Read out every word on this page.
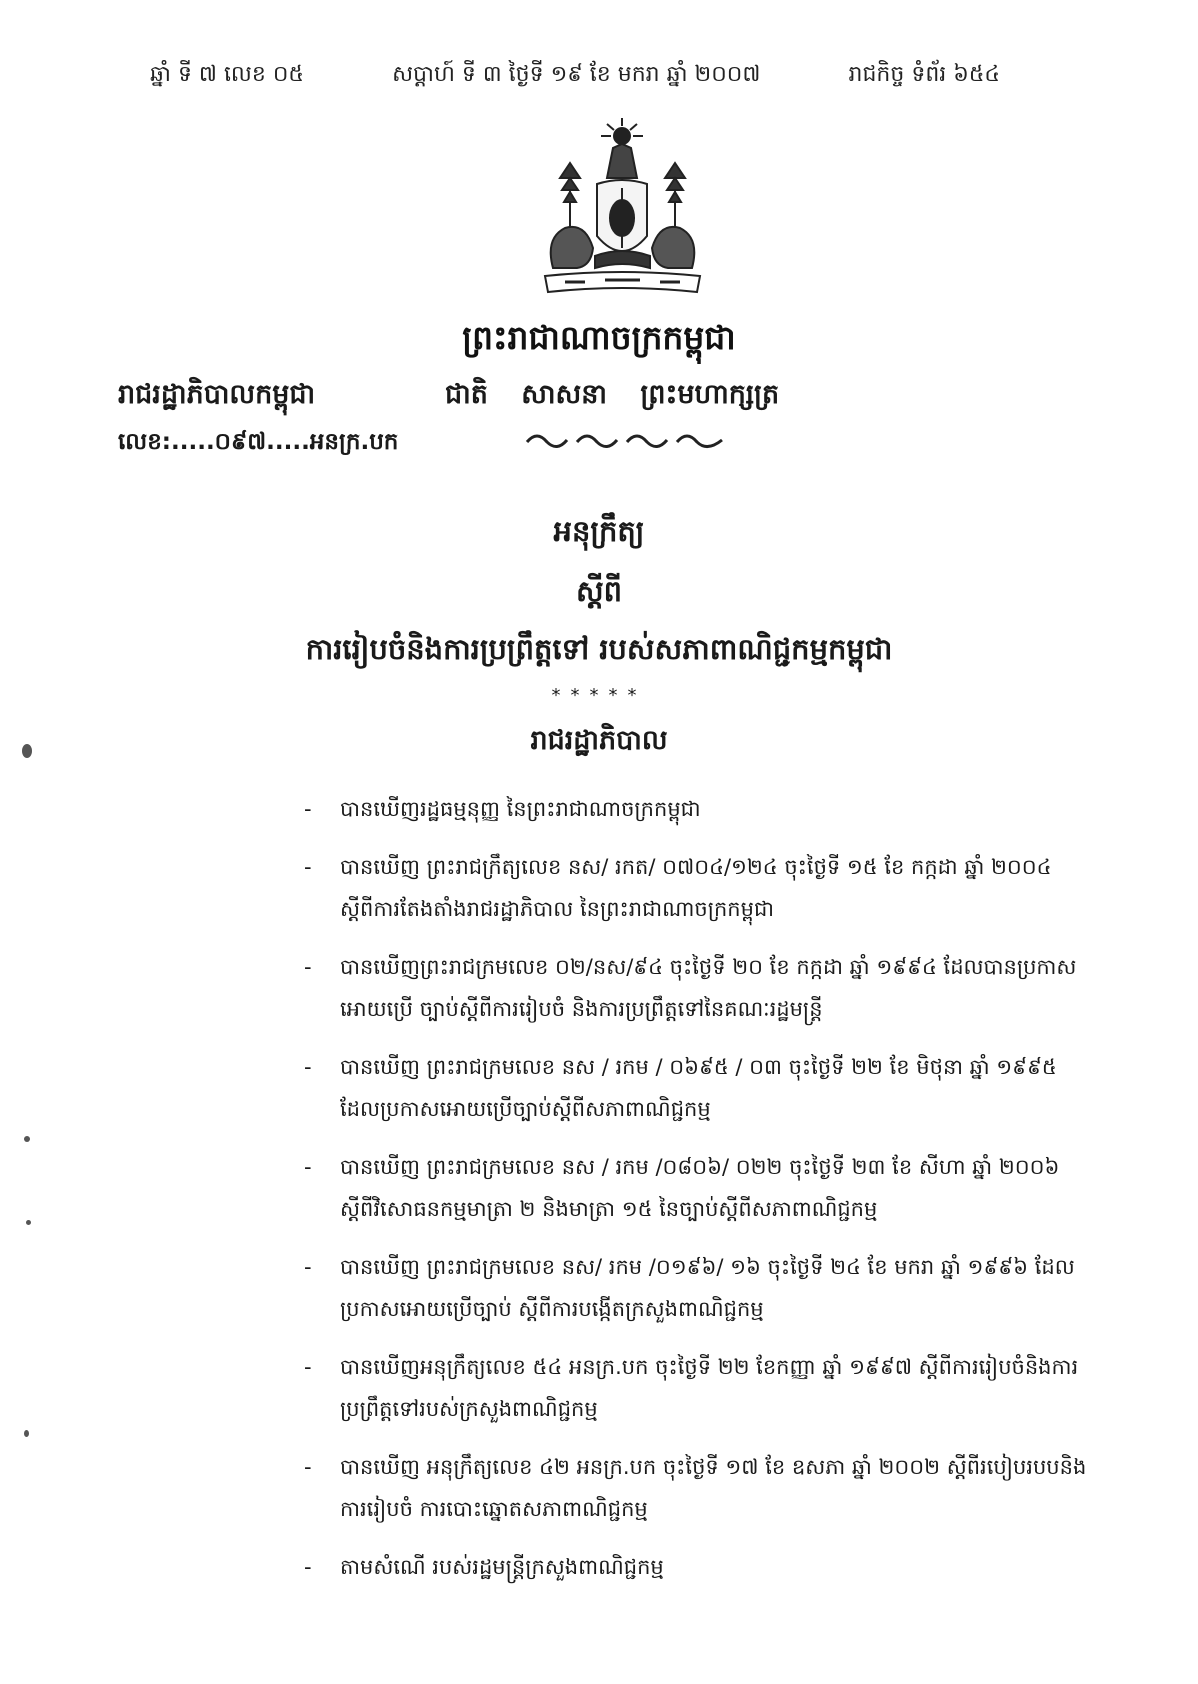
ឆ្នាំ ទី ៧ លេខ ០៥	សប្តាហ៍ ទី ៣ ថ្ងៃទី ១៩ ខែ មករា ឆ្នាំ ២០០៧	រាជកិច្ច ទំព័រ ៦៥៤
ព្រះរាជាណាចក្រកម្ពុជា
រាជរដ្ឋាភិបាលកម្ពុជា	ជាតិ សាសនា ព្រះមហាក្សត្រ
លេខ:.....០៩៧.....អនក្រ.បក
អនុក្រឹត្យ
ស្តីពី
ការរៀបចំនិងការប្រព្រឹត្តទៅ របស់សភាពាណិជ្ជកម្មកម្ពុជា
*****
រាជរដ្ឋាភិបាល
- បានឃើញរដ្ឋធម្មនុញ្ញ នៃព្រះរាជាណាចក្រកម្ពុជា
- បានឃើញ ព្រះរាជក្រឹត្យលេខ នស/ រកត/ ០៧០៤/១២៤ ចុះថ្ងៃទី ១៥ ខែ កក្កដា ឆ្នាំ ២០០៤ ស្តីពីការតែងតាំងរាជរដ្ឋាភិបាល នៃព្រះរាជាណាចក្រកម្ពុជា
- បានឃើញព្រះរាជក្រមលេខ ០២/នស/៩៤ ចុះថ្ងៃទី ២០ ខែ កក្កដា ឆ្នាំ ១៩៩៤ ដែលបានប្រកាសអោយប្រើ ច្បាប់ស្តីពីការរៀបចំ និងការប្រព្រឹត្តទៅនៃគណៈរដ្ឋមន្ត្រី
- បានឃើញ ព្រះរាជក្រមលេខ នស / រកម / ០៦៩៥ / ០៣ ចុះថ្ងៃទី ២២ ខែ មិថុនា ឆ្នាំ ១៩៩៥ ដែលប្រកាសអោយប្រើច្បាប់ស្តីពីសភាពាណិជ្ជកម្ម
- បានឃើញ ព្រះរាជក្រមលេខ នស / រកម /០៨០៦/ ០២២ ចុះថ្ងៃទី ២៣ ខែ សីហា ឆ្នាំ ២០០៦ ស្តីពីវិសោធនកម្មមាត្រា ២ និងមាត្រា ១៥ នៃច្បាប់ស្តីពីសភាពាណិជ្ជកម្ម
- បានឃើញ ព្រះរាជក្រមលេខ នស/ រកម /០១៩៦/ ១៦ ចុះថ្ងៃទី ២៤ ខែ មករា ឆ្នាំ ១៩៩៦ ដែលប្រកាសអោយប្រើច្បាប់ ស្តីពីការបង្កើតក្រសួងពាណិជ្ជកម្ម
- បានឃើញអនុក្រឹត្យលេខ ៥៤ អនក្រ.បក ចុះថ្ងៃទី ២២ ខែកញ្ញា ឆ្នាំ ១៩៩៧ ស្តីពីការរៀបចំនិងការប្រព្រឹត្តទៅរបស់ក្រសួងពាណិជ្ជកម្ម
- បានឃើញ អនុក្រឹត្យលេខ ៤២ អនក្រ.បក ចុះថ្ងៃទី ១៧ ខែ ឧសភា ឆ្នាំ ២០០២ ស្តីពីរបៀបរបបនិងការរៀបចំ ការបោះឆ្នោតសភាពាណិជ្ជកម្ម
- តាមសំណើ របស់រដ្ឋមន្ត្រីក្រសួងពាណិជ្ជកម្ម
